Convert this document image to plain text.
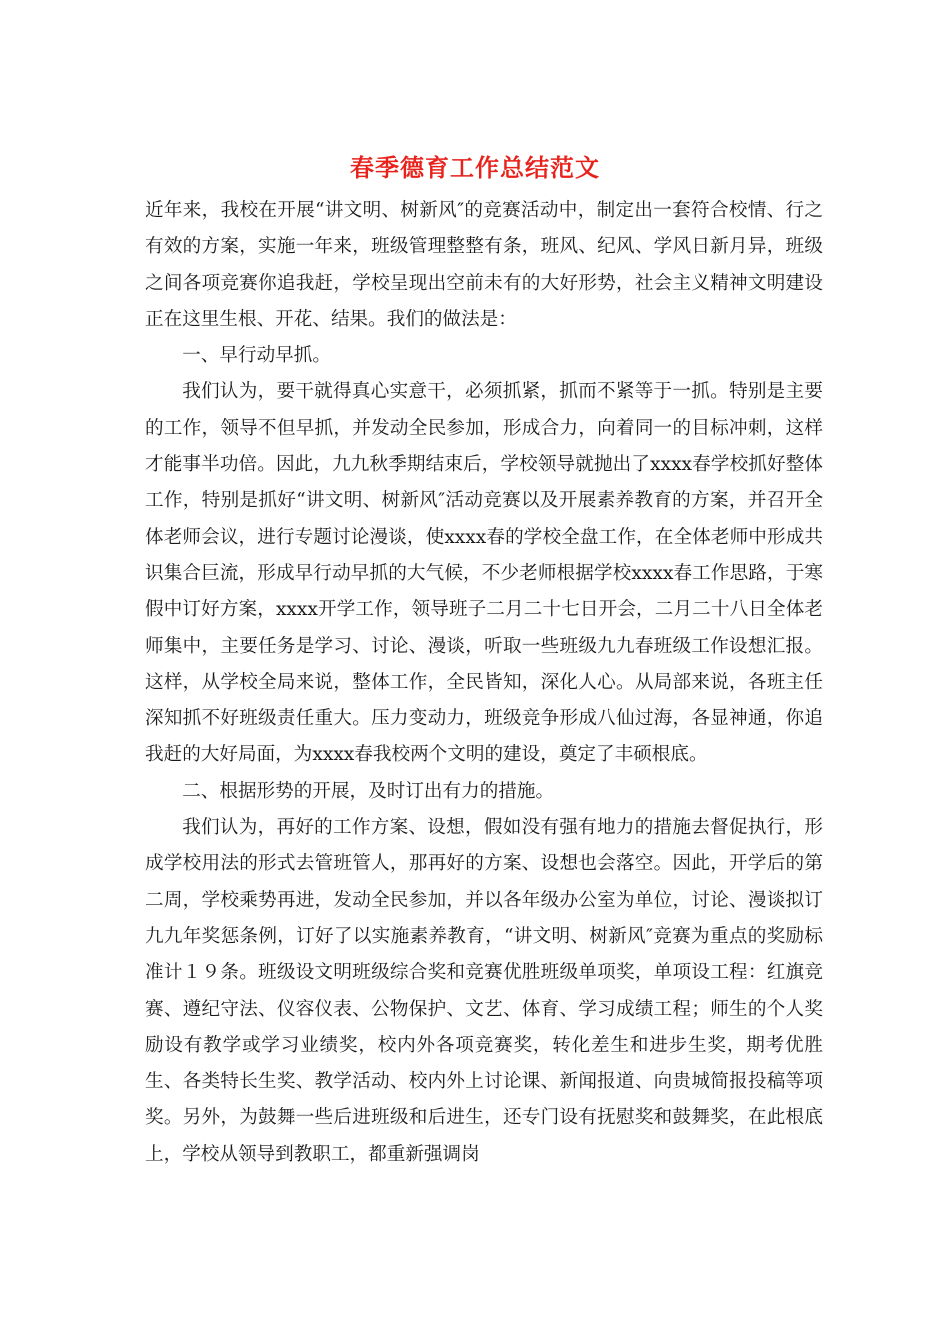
春季德育工作总结范文

近年来，我校在开展“讲文明、树新风″的竞赛活动中，制定出一套符合校情、行之有效的方案，实施一年来，班级管理整整有条，班风、纪风、学风日新月异，班级之间各项竞赛你追我赶，学校呈现出空前未有的大好形势，社会主义精神文明建设正在这里生根、开花、结果。我们的做法是：

一、早行动早抓。

我们认为，要干就得真心实意干，必须抓紧，抓而不紧等于一抓。特别是主要的工作，领导不但早抓，并发动全民参加，形成合力，向着同一的目标冲刺，这样才能事半功倍。因此，九九秋季期结束后，学校领导就抛出了xxxx春学校抓好整体工作，特别是抓好“讲文明、树新风″活动竞赛以及开展素养教育的方案，并召开全体老师会议，进行专题讨论漫谈，使xxxx春的学校全盘工作，在全体老师中形成共识集合巨流，形成早行动早抓的大气候，不少老师根据学校xxxx春工作思路，于寒假中订好方案，xxxx开学工作，领导班子二月二十七日开会，二月二十八日全体老师集中，主要任务是学习、讨论、漫谈，听取一些班级九九春班级工作设想汇报。这样，从学校全局来说，整体工作，全民皆知，深化人心。从局部来说，各班主任深知抓不好班级责任重大。压力变动力，班级竞争形成八仙过海，各显神通，你追我赶的大好局面，为xxxx春我校两个文明的建设，奠定了丰硕根底。

二、根据形势的开展，及时订出有力的措施。

我们认为，再好的工作方案、设想，假如没有强有地力的措施去督促执行，形成学校用法的形式去管班管人，那再好的方案、设想也会落空。因此，开学后的第二周，学校乘势再进，发动全民参加，并以各年级办公室为单位，讨论、漫谈拟订九九年奖惩条例，订好了以实施素养教育，“讲文明、树新风″竞赛为重点的奖励标准计１９条。班级设文明班级综合奖和竞赛优胜班级单项奖，单项设工程：红旗竞赛、遵纪守法、仪容仪表、公物保护、文艺、体育、学习成绩工程；师生的个人奖励设有教学或学习业绩奖，校内外各项竞赛奖，转化差生和进步生奖，期考优胜生、各类特长生奖、教学活动、校内外上讨论课、新闻报道、向贵城简报投稿等项奖。另外，为鼓舞一些后进班级和后进生，还专门设有抚慰奖和鼓舞奖，在此根底上，学校从领导到教职工，都重新强调岗
